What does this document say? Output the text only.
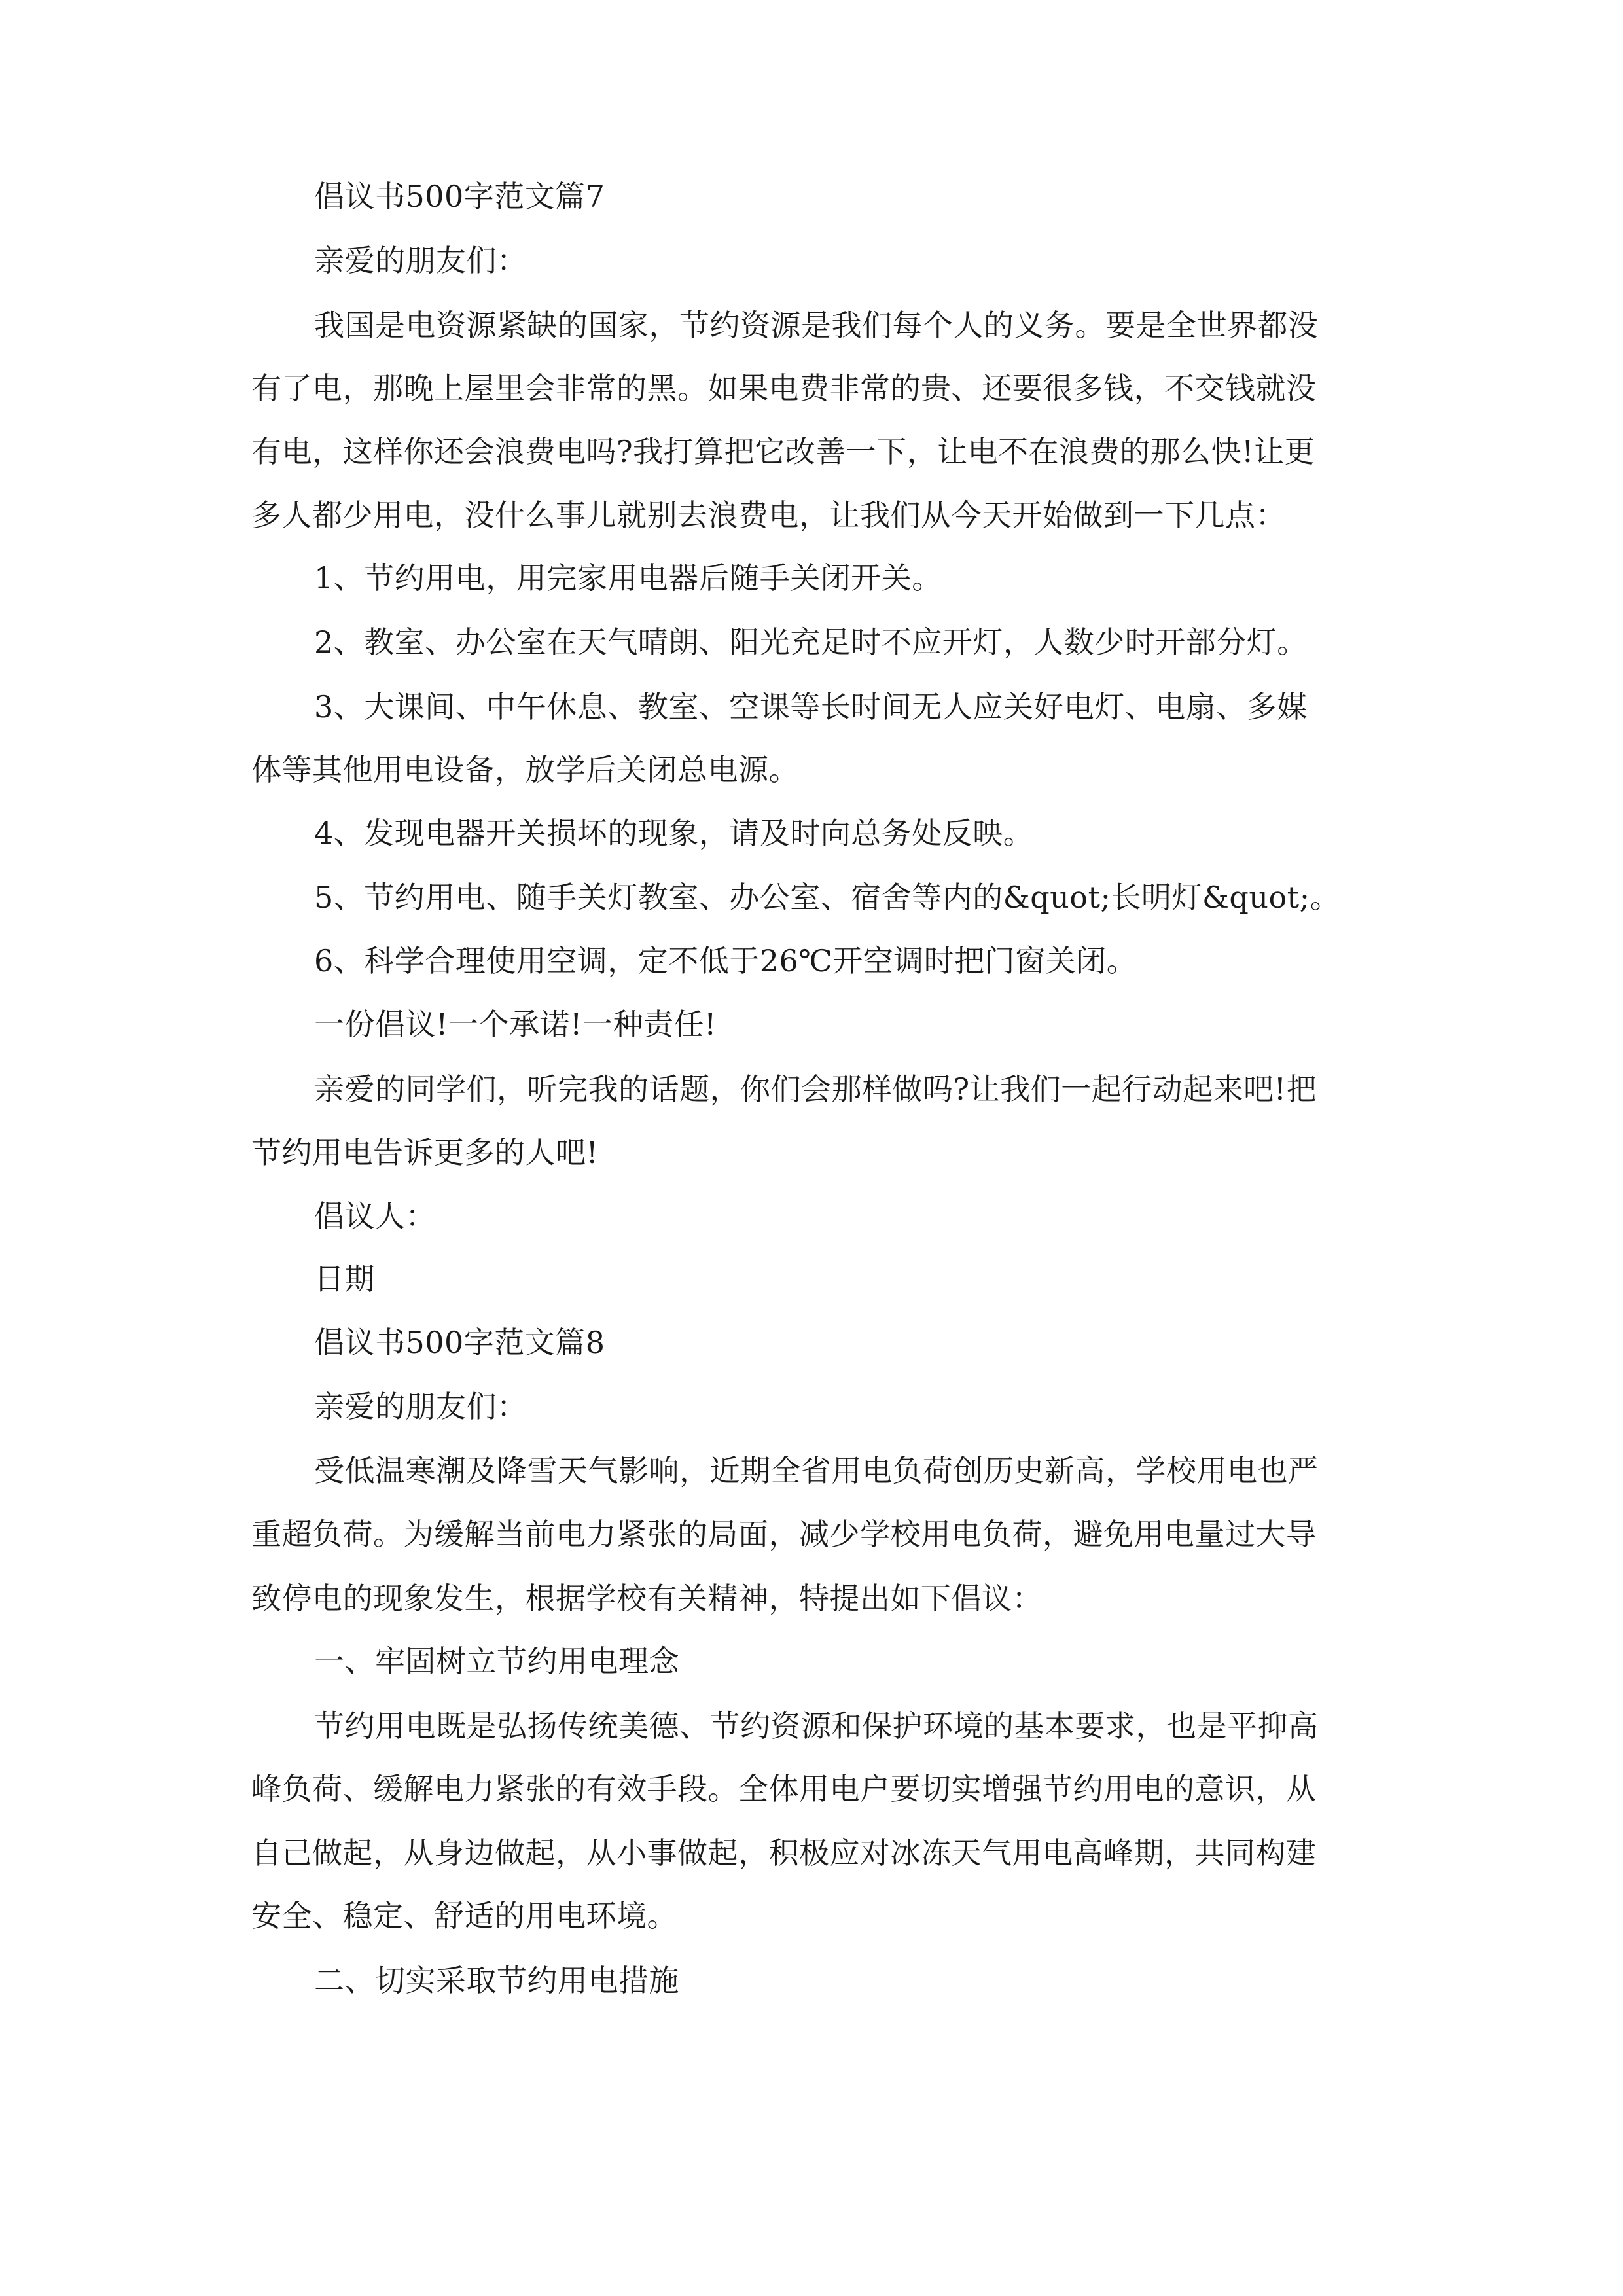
倡议书500字范文篇7
亲爱的朋友们：
我国是电资源紧缺的国家，节约资源是我们每个人的义务。要是全世界都没
有了电，那晚上屋里会非常的黑。如果电费非常的贵、还要很多钱，不交钱就没
有电，这样你还会浪费电吗?我打算把它改善一下，让电不在浪费的那么快!让更
多人都少用电，没什么事儿就别去浪费电，让我们从今天开始做到一下几点：
1、节约用电，用完家用电器后随手关闭开关。
2、教室、办公室在天气晴朗、阳光充足时不应开灯，人数少时开部分灯。
3、大课间、中午休息、教室、空课等长时间无人应关好电灯、电扇、多媒
体等其他用电设备，放学后关闭总电源。
4、发现电器开关损坏的现象，请及时向总务处反映。
5、节约用电、随手关灯教室、办公室、宿舍等内的&quot;长明灯&quot;。
6、科学合理使用空调，定不低于26℃开空调时把门窗关闭。
一份倡议!一个承诺!一种责任!
亲爱的同学们，听完我的话题，你们会那样做吗?让我们一起行动起来吧!把
节约用电告诉更多的人吧!
倡议人：
日期
倡议书500字范文篇8
亲爱的朋友们：
受低温寒潮及降雪天气影响，近期全省用电负荷创历史新高，学校用电也严
重超负荷。为缓解当前电力紧张的局面，减少学校用电负荷，避免用电量过大导
致停电的现象发生，根据学校有关精神，特提出如下倡议：
一、牢固树立节约用电理念
节约用电既是弘扬传统美德、节约资源和保护环境的基本要求，也是平抑高
峰负荷、缓解电力紧张的有效手段。全体用电户要切实增强节约用电的意识，从
自己做起，从身边做起，从小事做起，积极应对冰冻天气用电高峰期，共同构建
安全、稳定、舒适的用电环境。
二、切实采取节约用电措施
